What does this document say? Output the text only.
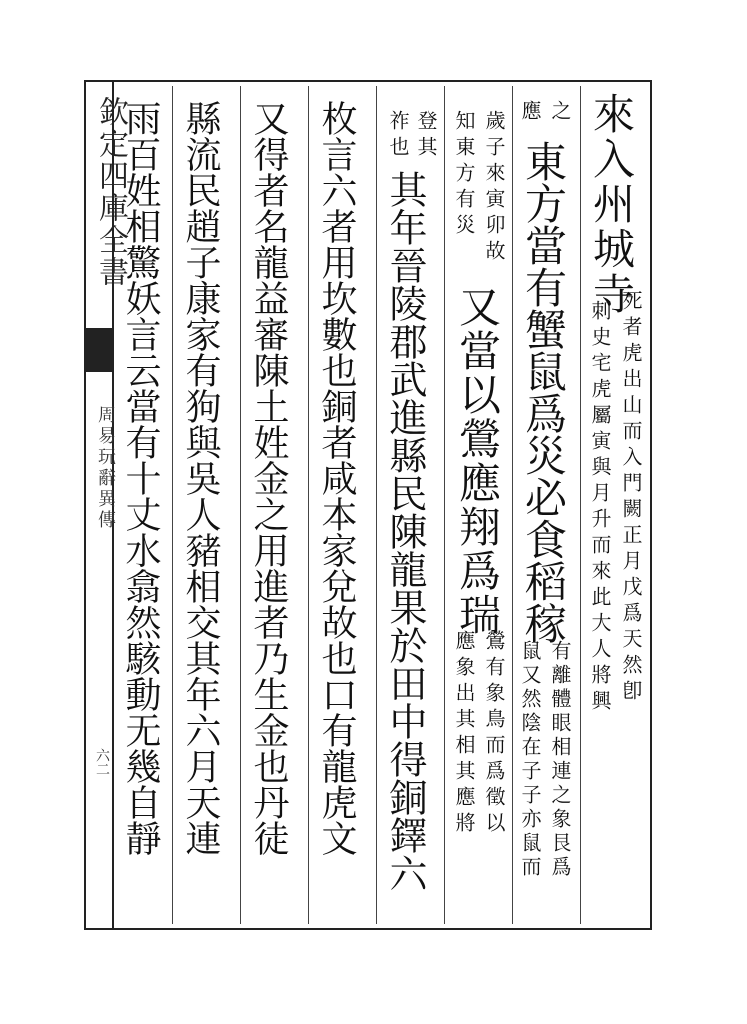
欽定四庫全書
周易玩辭異傳
六二
來入州城寺
死者虎出山而入門闕正月戊爲天然卽
刺史宅虎屬寅與月升而來此大人將興
之
應
東方當有蟹鼠爲災必食稻稼
有離體眼相連之象艮爲
鼠又然陰在子子亦鼠而
歲子來寅卯故
知東方有災
又當以鶯應翔爲瑞
鶯有象鳥而爲徵以
應象出其相其應將
登其
祚也
其年晉陵郡武進縣民陳龍果於田中得銅鐸六
枚言六者用坎數也銅者咸本家兌故也口有龍虎文
又得者名龍益審陳土姓金之用進者乃生金也丹徒
縣流民趙子康家有狗與吳人豬相交其年六月天連
雨百姓相驚妖言云當有十丈水翕然駭動无幾自靜
